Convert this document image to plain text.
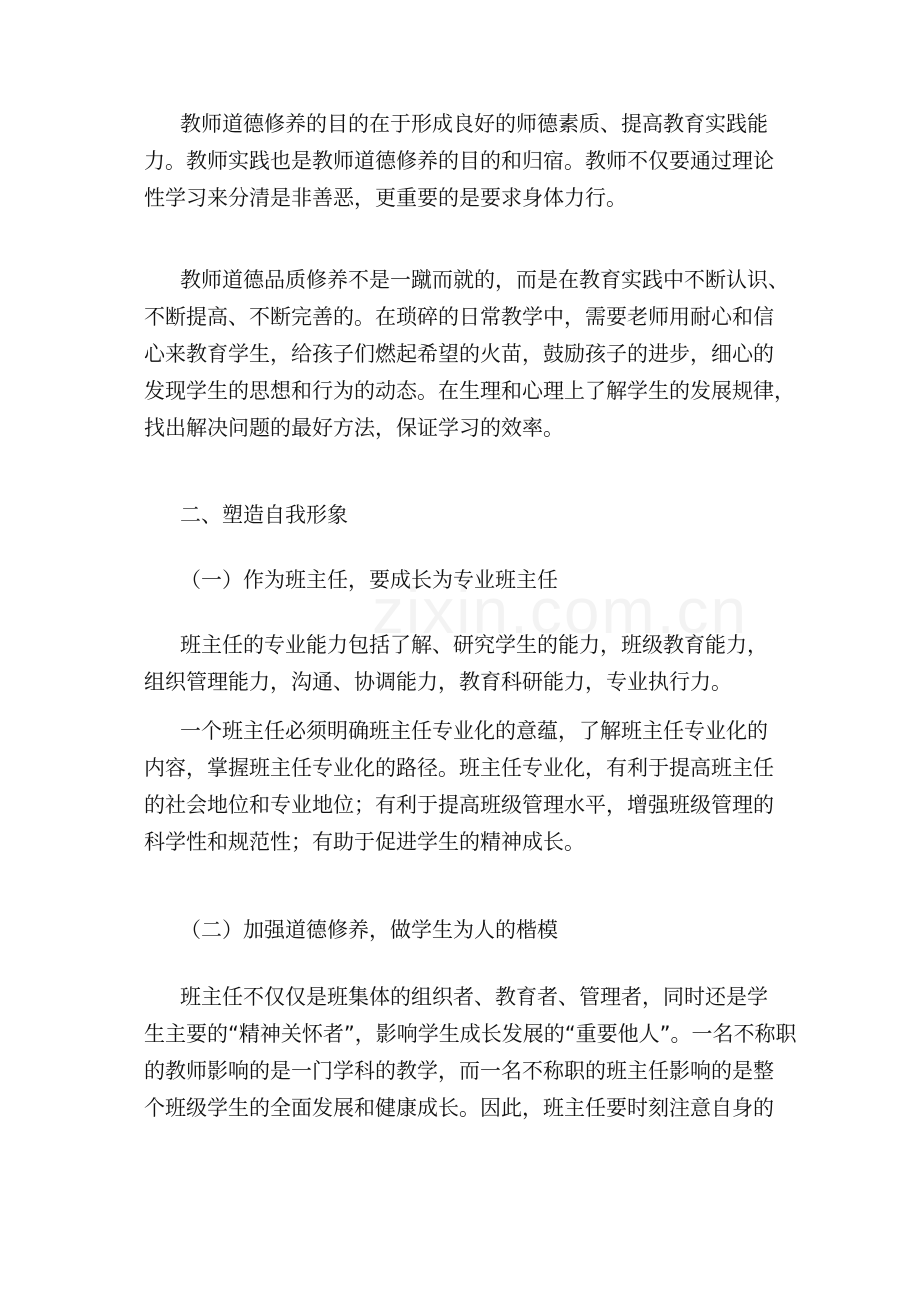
教师道德修养的目的在于形成良好的师德素质、提高教育实践能
力。教师实践也是教师道德修养的目的和归宿。教师不仅要通过理论
性学习来分清是非善恶，更重要的是要求身体力行。
教师道德品质修养不是一蹴而就的，而是在教育实践中不断认识、
不断提高、不断完善的。在琐碎的日常教学中，需要老师用耐心和信
心来教育学生，给孩子们燃起希望的火苗，鼓励孩子的进步，细心的
发现学生的思想和行为的动态。在生理和心理上了解学生的发展规律，
找出解决问题的最好方法，保证学习的效率。
二、塑造自我形象
（一）作为班主任，要成长为专业班主任
班主任的专业能力包括了解、研究学生的能力，班级教育能力，
组织管理能力，沟通、协调能力，教育科研能力，专业执行力。
一个班主任必须明确班主任专业化的意蕴，了解班主任专业化的
内容，掌握班主任专业化的路径。班主任专业化，有利于提高班主任
的社会地位和专业地位；有利于提高班级管理水平，增强班级管理的
科学性和规范性；有助于促进学生的精神成长。
（二）加强道德修养，做学生为人的楷模
班主任不仅仅是班集体的组织者、教育者、管理者，同时还是学
生主要的“精神关怀者”，影响学生成长发展的“重要他人”。一名不称职
的教师影响的是一门学科的教学，而一名不称职的班主任影响的是整
个班级学生的全面发展和健康成长。因此，班主任要时刻注意自身的
